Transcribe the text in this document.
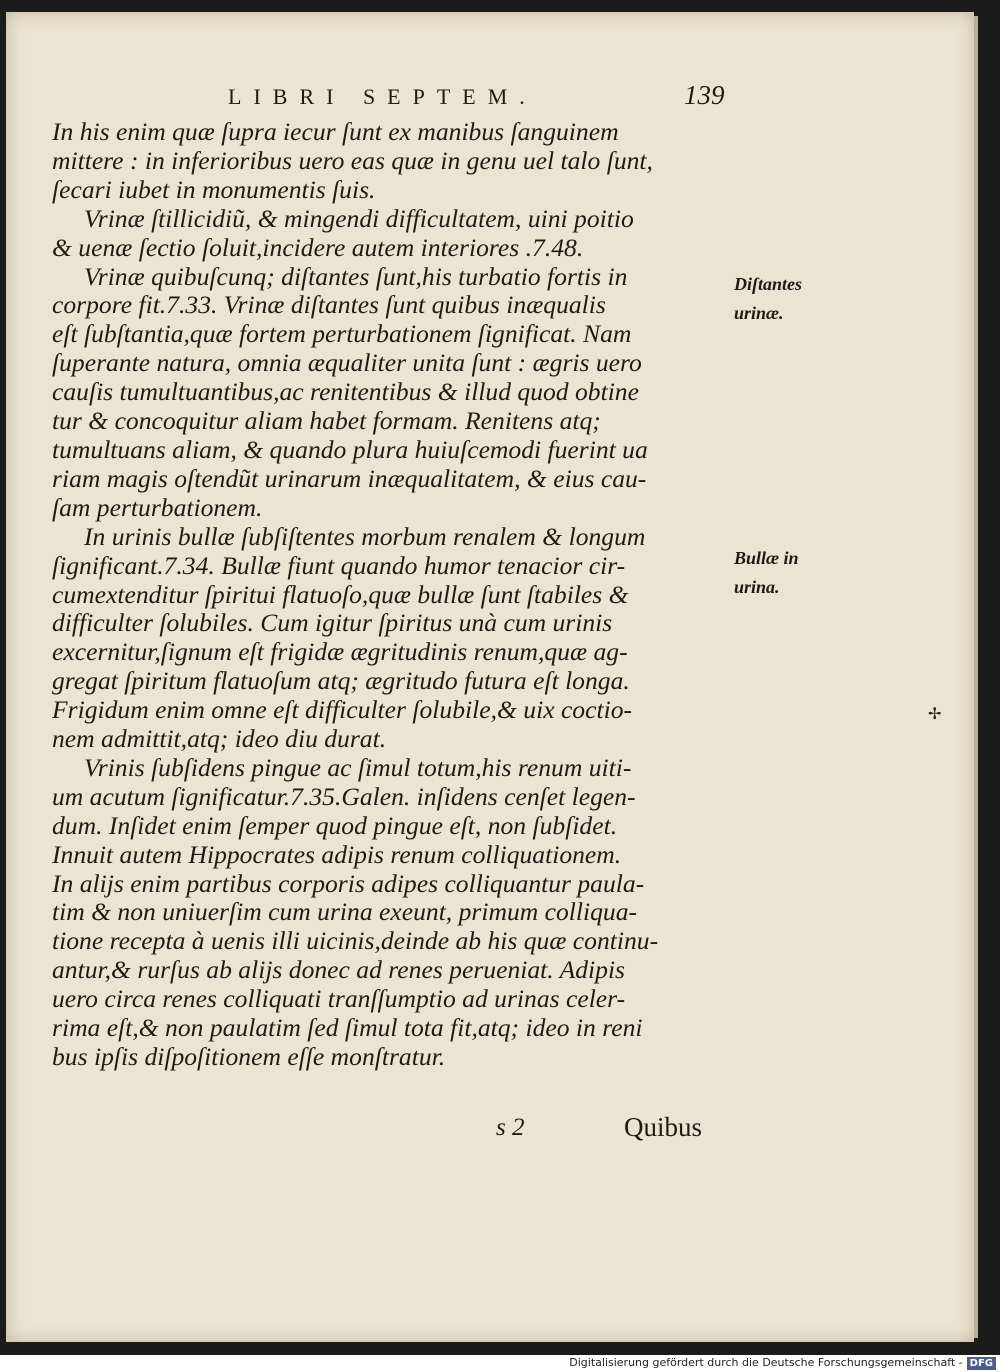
LIBRI SEPTEM.	139
In his enim quæ ſupra iecur ſunt ex manibus ſanguinem
mittere : in inferioribus uero eas quæ in genu uel talo ſunt,
ſecari iubet in monumentis ſuis.
Vrinæ ſtillicidiũ, & mingendi difficultatem, uini poitio
& uenæ ſectio ſoluit,incidere autem interiores .7.48.
Vrinæ quibuſcunq; diſtantes ſunt,his turbatio fortis in
corpore fit.7.33. Vrinæ diſtantes ſunt quibus inæqualis
eſt ſubſtantia,quæ fortem perturbationem ſignificat. Nam
ſuperante natura, omnia æqualiter unita ſunt : ægris uero
cauſis tumultuantibus,ac renitentibus & illud quod obtine
tur & concoquitur aliam habet formam. Renitens atq;
tumultuans aliam, & quando plura huiuſcemodi fuerint ua
riam magis oſtendũt urinarum inæqualitatem, & eius cau-
ſam perturbationem.
In urinis bullæ ſubſiſtentes morbum renalem & longum
ſignificant.7.34. Bullæ fiunt quando humor tenacior cir-
cumextenditur ſpiritui flatuoſo,quæ bullæ ſunt ſtabiles &
difficulter ſolubiles. Cum igitur ſpiritus unà cum urinis
excernitur,ſignum eſt frigidæ ægritudinis renum,quæ ag-
gregat ſpiritum flatuoſum atq; ægritudo futura eſt longa.
Frigidum enim omne eſt difficulter ſolubile,& uix coctio-
nem admittit,atq; ideo diu durat.
Vrinis ſubſidens pingue ac ſimul totum,his renum uiti-
um acutum ſignificatur.7.35.Galen. inſidens cenſet legen-
dum. Inſidet enim ſemper quod pingue eſt, non ſubſidet.
Innuit autem Hippocrates adipis renum colliquationem.
In alijs enim partibus corporis adipes colliquantur paula-
tim & non uniuerſim cum urina exeunt, primum colliqua-
tione recepta à uenis illi uicinis,deinde ab his quæ continu-
antur,& rurſus ab alijs donec ad renes perueniat. Adipis
uero circa renes colliquati tranſſumptio ad urinas celer-
rima eſt,& non paulatim ſed ſimul tota fit,atq; ideo in reni
bus ipſis diſpoſitionem eſſe monſtratur.
Diſtantes
urinæ.
Bullæ in
urina.
✢
s 2	Quibus
Digitalisierung gefördert durch die Deutsche Forschungsgemeinschaft - DFG
